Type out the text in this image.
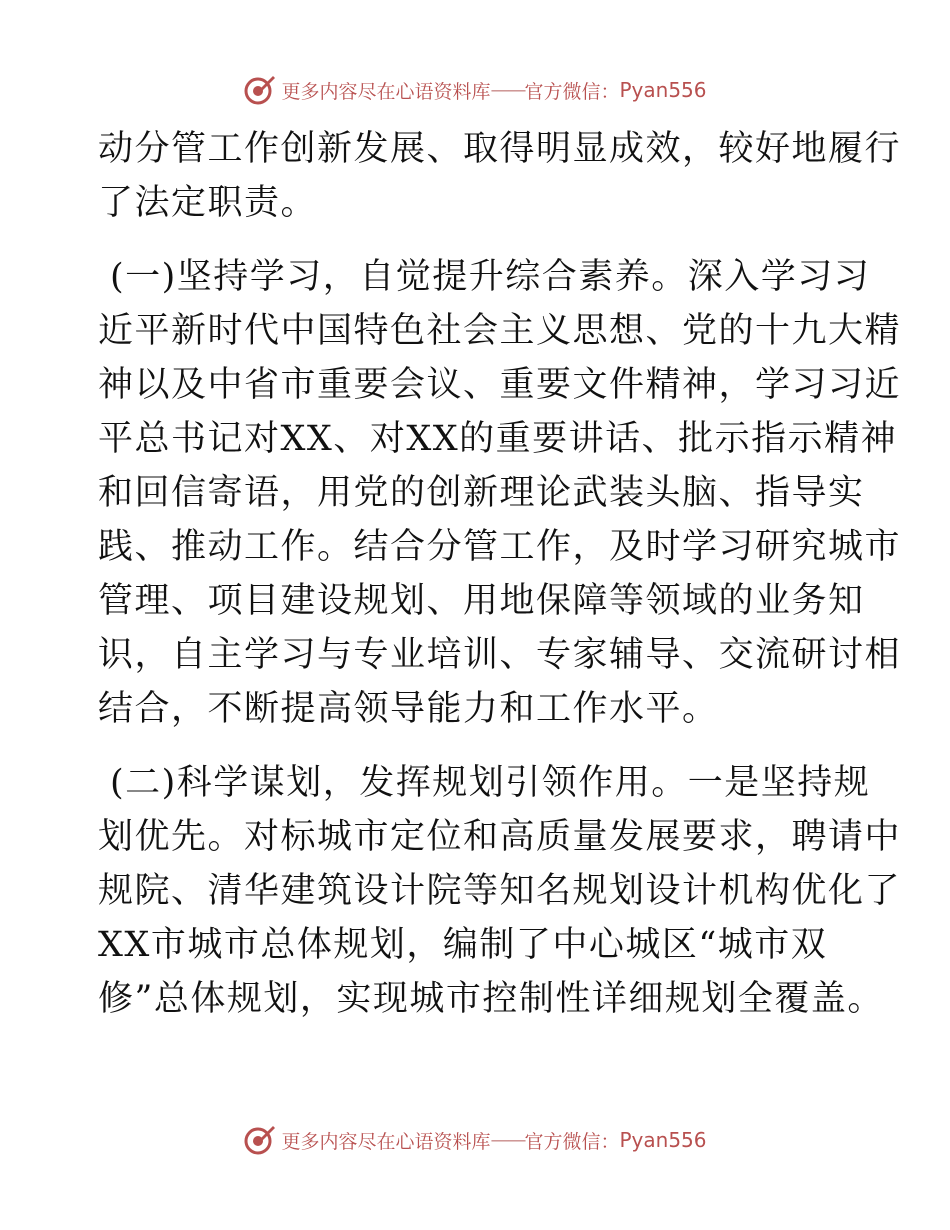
更多内容尽在心语资料库 —— 官方微信： Pyan556
动分管工作创新发展、取得明显成效，较好地履行
了法定职责。
(一)坚持学习，自觉提升综合素养。深入学习习
近平新时代中国特色社会主义思想、党的十九大精
神以及中省市重要会议、重要文件精神，学习习近
平总书记对XX、对XX的重要讲话、批示指示精神
和回信寄语，用党的创新理论武装头脑、指导实
践、推动工作。结合分管工作，及时学习研究城市
管理、项目建设规划、用地保障等领域的业务知
识，自主学习与专业培训、专家辅导、交流研讨相
结合，不断提高领导能力和工作水平。
(二)科学谋划，发挥规划引领作用。一是坚持规
划优先。对标城市定位和高质量发展要求，聘请中
规院、清华建筑设计院等知名规划设计机构优化了
XX市城市总体规划，编制了中心城区“城市双
修”总体规划，实现城市控制性详细规划全覆盖。
更多内容尽在心语资料库 —— 官方微信： Pyan556
